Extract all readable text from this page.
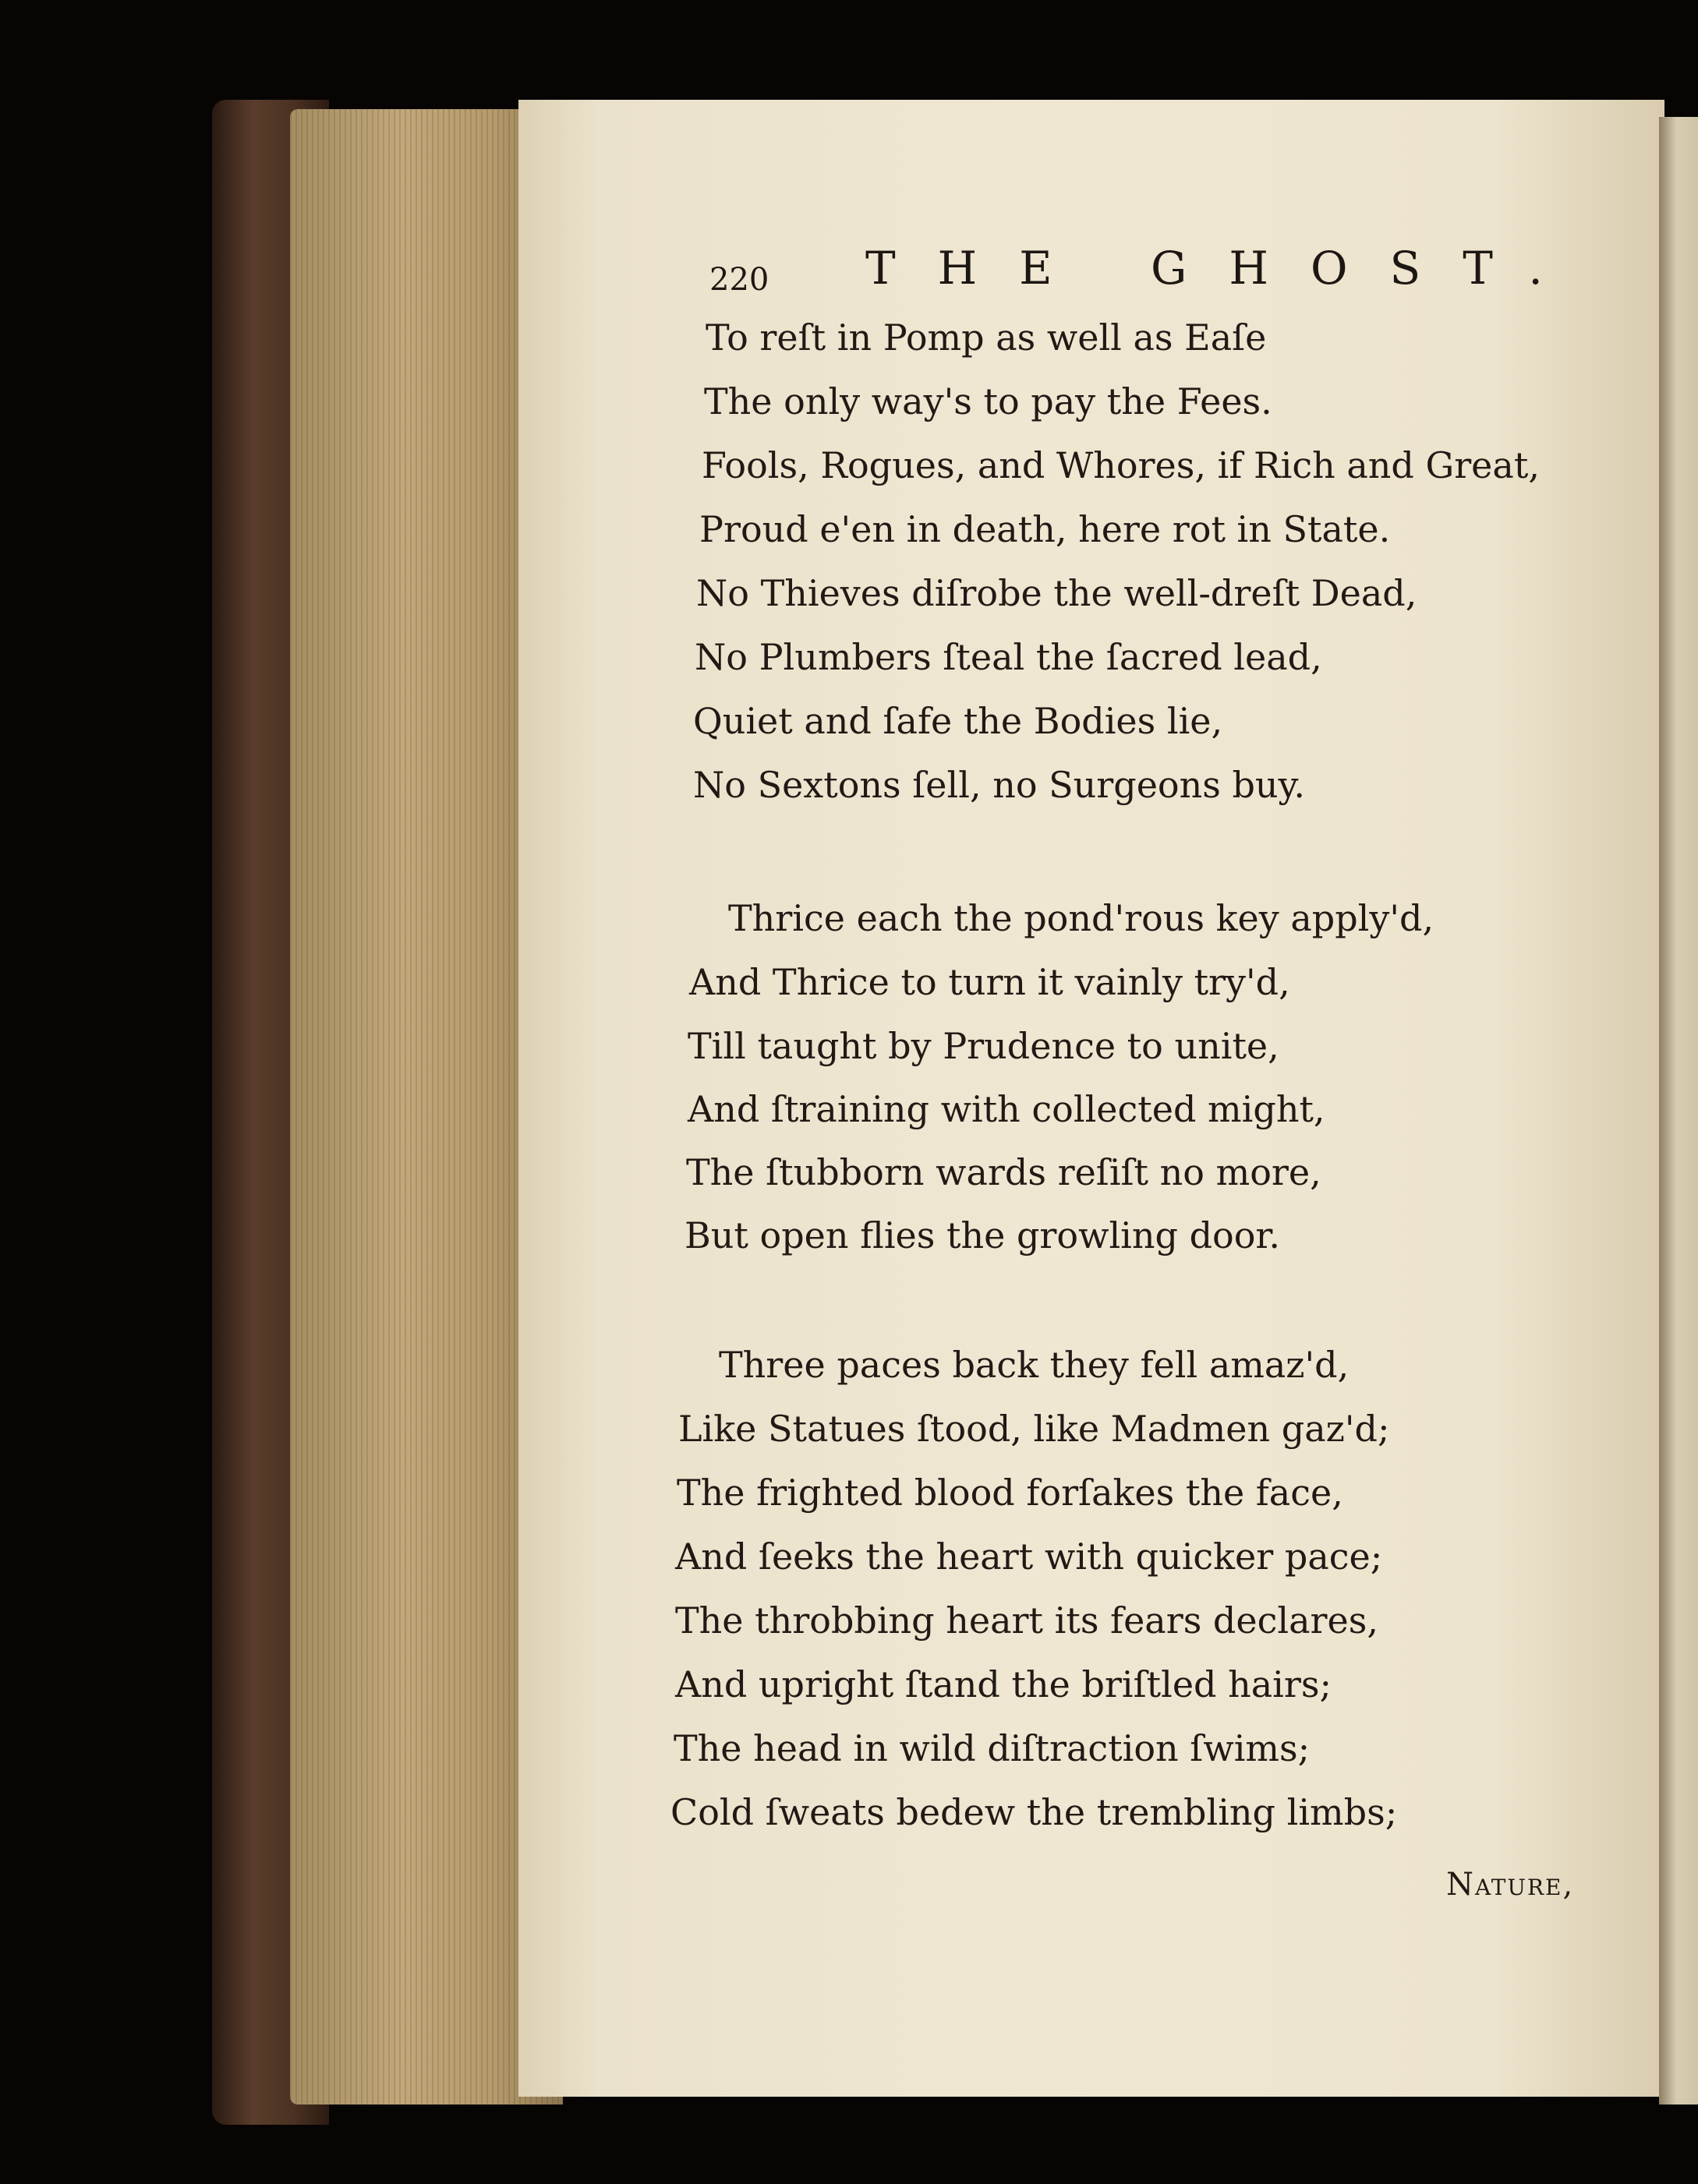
220 THE GHOST.
To reſt in Pomp as well as Eaſe
The only way's to pay the Fees.
Fools, Rogues, and Whores, if Rich and Great,
Proud e'en in death, here rot in State.
No Thieves diſrobe the well-dreſt Dead,
No Plumbers ſteal the ſacred lead,
Quiet and ſafe the Bodies lie,
No Sextons ſell, no Surgeons buy.
Thrice each the pond'rous key apply'd,
And Thrice to turn it vainly try'd,
Till taught by Prudence to unite,
And ſtraining with collected might,
The ſtubborn wards reſiſt no more,
But open flies the growling door.
Three paces back they fell amaz'd,
Like Statues ſtood, like Madmen gaz'd;
The frighted blood forſakes the face,
And ſeeks the heart with quicker pace;
The throbbing heart its fears declares,
And upright ſtand the briſtled hairs;
The head in wild diſtraction ſwims;
Cold ſweats bedew the trembling limbs;
Nature,
